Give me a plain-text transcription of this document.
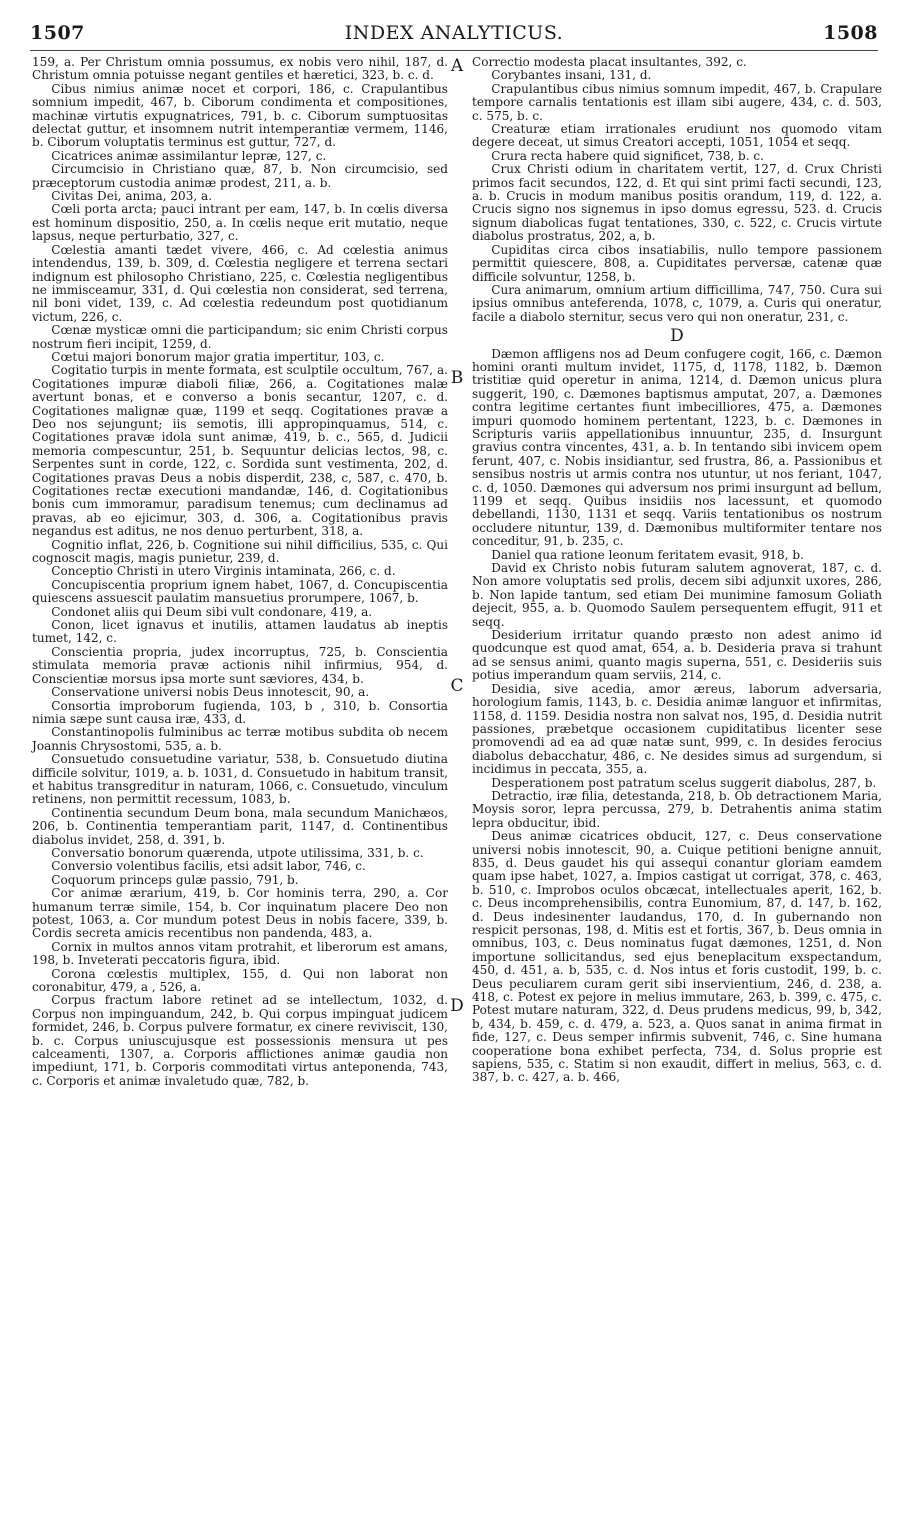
1507	INDEX ANALYTICUS.	1508
A
B
C
D

159, a. Per Christum omnia possumus, ex nobis vero nihil, 187, d. Christum omnia potuisse negant gentiles et hæretici, 323, b. c. d.

Cibus nimius animæ nocet et corpori, 186, c. Crapulantibus somnium impedit, 467, b. Ciborum condimenta et compositiones, machinæ virtutis expugnatrices, 791, b. c. Ciborum sumptuositas delectat guttur, et insomnem nutrit intemperantiæ vermem, 1146, b. Ciborum voluptatis terminus est guttur, 727, d.

Cicatrices animæ assimilantur lepræ, 127, c.

Circumcisio in Christiano quæ, 87, b. Non circumcisio, sed præceptorum custodia animæ prodest, 211, a. b.

Civitas Dei, anima, 203, a.

Cœli porta arcta; pauci intrant per eam, 147, b. In cœlis diversa est hominum dispositio, 250, a. In cœlis neque erit mutatio, neque lapsus, neque perturbatio, 327, c.

Cœlestia amanti tædet vivere, 466, c. Ad cœlestia animus intendendus, 139, b. 309, d. Cœlestia negligere et terrena sectari indignum est philosopho Christiano, 225, c. Cœlestia negligentibus ne immisceamur, 331, d. Qui cœlestia non considerat, sed terrena, nil boni videt, 139, c. Ad cœlestia redeundum post quotidianum victum, 226, c.

Cœnæ mysticæ omni die participandum; sic enim Christi corpus nostrum fieri incipit, 1259, d.

Cœtui majori bonorum major gratia impertitur, 103, c.

Cogitatio turpis in mente formata, est sculptile occultum, 767, a. Cogitationes impuræ diaboli filiæ, 266, a. Cogitationes malæ avertunt bonas, et e converso a bonis secantur, 1207, c. d. Cogitationes malignæ quæ, 1199 et seqq. Cogitationes pravæ a Deo nos sejungunt; iis semotis, illi appropinquamus, 514, c. Cogitationes pravæ idola sunt animæ, 419, b. c., 565, d. Judicii memoria compescuntur, 251, b. Sequuntur delicias lectos, 98, c. Serpentes sunt in corde, 122, c. Sordida sunt vestimenta, 202, d. Cogitationes pravas Deus a nobis disperdit, 238, c, 587, c. 470, b. Cogitationes rectæ executioni mandandæ, 146, d. Cogitationibus bonis cum immoramur, paradisum tenemus; cum declinamus ad pravas, ab eo ejicimur, 303, d. 306, a. Cogitationibus pravis negandus est aditus, ne nos denuo perturbent, 318, a.

Cognitio inflat, 226, b. Cognitione sui nihil difficilius, 535, c. Qui cognoscit magis, magis punietur, 239, d.

Conceptio Christi in utero Virginis intaminata, 266, c. d.

Concupiscentia proprium ignem habet, 1067, d. Concupiscentia quiescens assuescit paulatim mansuetius prorumpere, 1067, b.

Condonet aliis qui Deum sibi vult condonare, 419, a.

Conon, licet ignavus et inutilis, attamen laudatus ab ineptis tumet, 142, c.

Conscientia propria, judex incorruptus, 725, b. Conscientia stimulata memoria pravæ actionis nihil infirmius, 954, d. Conscientiæ morsus ipsa morte sunt sæviores, 434, b.

Conservatione universi nobis Deus innotescit, 90, a.

Consortia improborum fugienda, 103, b , 310, b. Consortia nimia sæpe sunt causa iræ, 433, d.

Constantinopolis fulminibus ac terræ motibus subdita ob necem Joannis Chrysostomi, 535, a. b.

Consuetudo consuetudine variatur, 538, b. Consuetudo diutina difficile solvitur, 1019, a. b. 1031, d. Consuetudo in habitum transit, et habitus transgreditur in naturam, 1066, c. Consuetudo, vinculum retinens, non permittit recessum, 1083, b.

Continentia secundum Deum bona, mala secundum Manichæos, 206, b. Continentia temperantiam parit, 1147, d. Continentibus diabolus invidet, 258, d. 391, b.

Conversatio bonorum quærenda, utpote utilissima, 331, b. c.

Conversio volentibus facilis, etsi adsit labor, 746, c.

Coquorum princeps gulæ passio, 791, b.

Cor animæ ærarium, 419, b. Cor hominis terra, 290, a. Cor humanum terræ simile, 154, b. Cor inquinatum placere Deo non potest, 1063, a. Cor mundum potest Deus in nobis facere, 339, b. Cordis secreta amicis recentibus non pandenda, 483, a.

Cornix in multos annos vitam protrahit, et liberorum est amans, 198, b. Inveterati peccatoris figura, ibid.

Corona cœlestis multiplex, 155, d. Qui non laborat non coronabitur, 479, a , 526, a.

Corpus fractum labore retinet ad se intellectum, 1032, d. Corpus non impinguandum, 242, b. Qui corpus impinguat judicem formidet, 246, b. Corpus pulvere formatur, ex cinere reviviscit, 130, b. c. Corpus uniuscujusque est possessionis mensura ut pes calceamenti, 1307, a. Corporis afflictiones animæ gaudia non impediunt, 171, b. Corporis commoditati virtus anteponenda, 743, c. Corporis et animæ invaletudo quæ, 782, b.

Correctio modesta placat insultantes, 392, c.

Corybantes insani, 131, d.

Crapulantibus cibus nimius somnum impedit, 467, b. Crapulare tempore carnalis tentationis est illam sibi augere, 434, c. d. 503, c. 575, b. c.

Creaturæ etiam irrationales erudiunt nos quomodo vitam degere deceat, ut simus Creatori accepti, 1051, 1054 et seqq.

Crura recta habere quid significet, 738, b. c.

Crux Christi odium in charitatem vertit, 127, d. Crux Christi primos facit secundos, 122, d. Et qui sint primi facti secundi, 123, a. b. Crucis in modum manibus positis orandum, 119, d. 122, a. Crucis signo nos signemus in ipso domus egressu, 523. d. Crucis signum diabolicas fugat tentationes, 330, c. 522, c. Crucis virtute diabolus prostratus, 202, a, b.

Cupiditas circa cibos insatiabilis, nullo tempore passionem permittit quiescere, 808, a. Cupiditates perversæ, catenæ quæ difficile solvuntur, 1258, b.

Cura animarum, omnium artium difficillima, 747, 750. Cura sui ipsius omnibus anteferenda, 1078, c, 1079, a. Curis qui oneratur, facile a diabolo sternitur, secus vero qui non oneratur, 231, c.

D

Dæmon affligens nos ad Deum confugere cogit, 166, c. Dæmon homini oranti multum invidet, 1175, d, 1178, 1182, b. Dæmon tristitiæ quid operetur in anima, 1214, d. Dæmon unicus plura suggerit, 190, c. Dæmones baptismus amputat, 207, a. Dæmones contra legitime certantes fiunt imbecilliores, 475, a. Dæmones impuri quomodo hominem pertentant, 1223, b. c. Dæmones in Scripturis variis appellationibus innuuntur, 235, d. Insurgunt gravius contra vincentes, 431, a. b. In tentando sibi invicem opem ferunt, 407, c. Nobis insidiantur, sed frustra, 86, a. Passionibus et sensibus nostris ut armis contra nos utuntur, ut nos feriant, 1047, c. d, 1050. Dæmones qui adversum nos primi insurgunt ad bellum, 1199 et seqq. Quibus insidiis nos lacessunt, et quomodo debellandi, 1130, 1131 et seqq. Variis tentationibus os nostrum occludere nituntur, 139, d. Dæmonibus multiformiter tentare nos conceditur, 91, b. 235, c.

Daniel qua ratione leonum feritatem evasit, 918, b.

David ex Christo nobis futuram salutem agnoverat, 187, c. d. Non amore voluptatis sed prolis, decem sibi adjunxit uxores, 286, b. Non lapide tantum, sed etiam Dei munimine famosum Goliath dejecit, 955, a. b. Quomodo Saulem persequentem effugit, 911 et seqq.

Desiderium irritatur quando præsto non adest animo id quodcunque est quod amat, 654, a. b. Desideria prava si trahunt ad se sensus animi, quanto magis superna, 551, c. Desideriis suis potius imperandum quam serviis, 214, c.

Desidia, sive acedia, amor æreus, laborum adversaria, horologium famis, 1143, b. c. Desidia animæ languor et infirmitas, 1158, d. 1159. Desidia nostra non salvat nos, 195, d. Desidia nutrit passiones, præbetque occasionem cupiditatibus licenter sese promovendi ad ea ad quæ natæ sunt, 999, c. In desides ferocius diabolus debacchatur, 486, c. Ne desides simus ad surgendum, si incidimus in peccata, 355, a.

Desperationem post patratum scelus suggerit diabolus, 287, b.

Detractio, iræ filia, detestanda, 218, b. Ob detractionem Maria, Moysis soror, lepra percussa, 279, b. Detrahentis anima statim lepra obducitur, ibid.

Deus animæ cicatrices obducit, 127, c. Deus conservatione universi nobis innotescit, 90, a. Cuique petitioni benigne annuit, 835, d. Deus gaudet his qui assequi conantur gloriam eamdem quam ipse habet, 1027, a. Impios castigat ut corrigat, 378, c. 463, b. 510, c. Improbos oculos obcæcat, intellectuales aperit, 162, b. c. Deus incomprehensibilis, contra Eunomium, 87, d. 147, b. 162, d. Deus indesinenter laudandus, 170, d. In gubernando non respicit personas, 198, d. Mitis est et fortis, 367, b. Deus omnia in omnibus, 103, c. Deus nominatus fugat dæmones, 1251, d. Non importune sollicitandus, sed ejus beneplacitum exspectandum, 450, d. 451, a. b, 535, c. d. Nos intus et foris custodit, 199, b. c. Deus peculiarem curam gerit sibi inservientium, 246, d. 238, a. 418, c. Potest ex pejore in melius immutare, 263, b. 399, c. 475, c. Potest mutare naturam, 322, d. Deus prudens medicus, 99, b, 342, b, 434, b. 459, c. d. 479, a. 523, a. Quos sanat in anima firmat in fide, 127, c. Deus semper infirmis subvenit, 746, c. Sine humana cooperatione bona exhibet perfecta, 734, d. Solus proprie est sapiens, 535, c. Statim si non exaudit, differt in melius, 563, c. d. 387, b. c. 427, a. b. 466,
